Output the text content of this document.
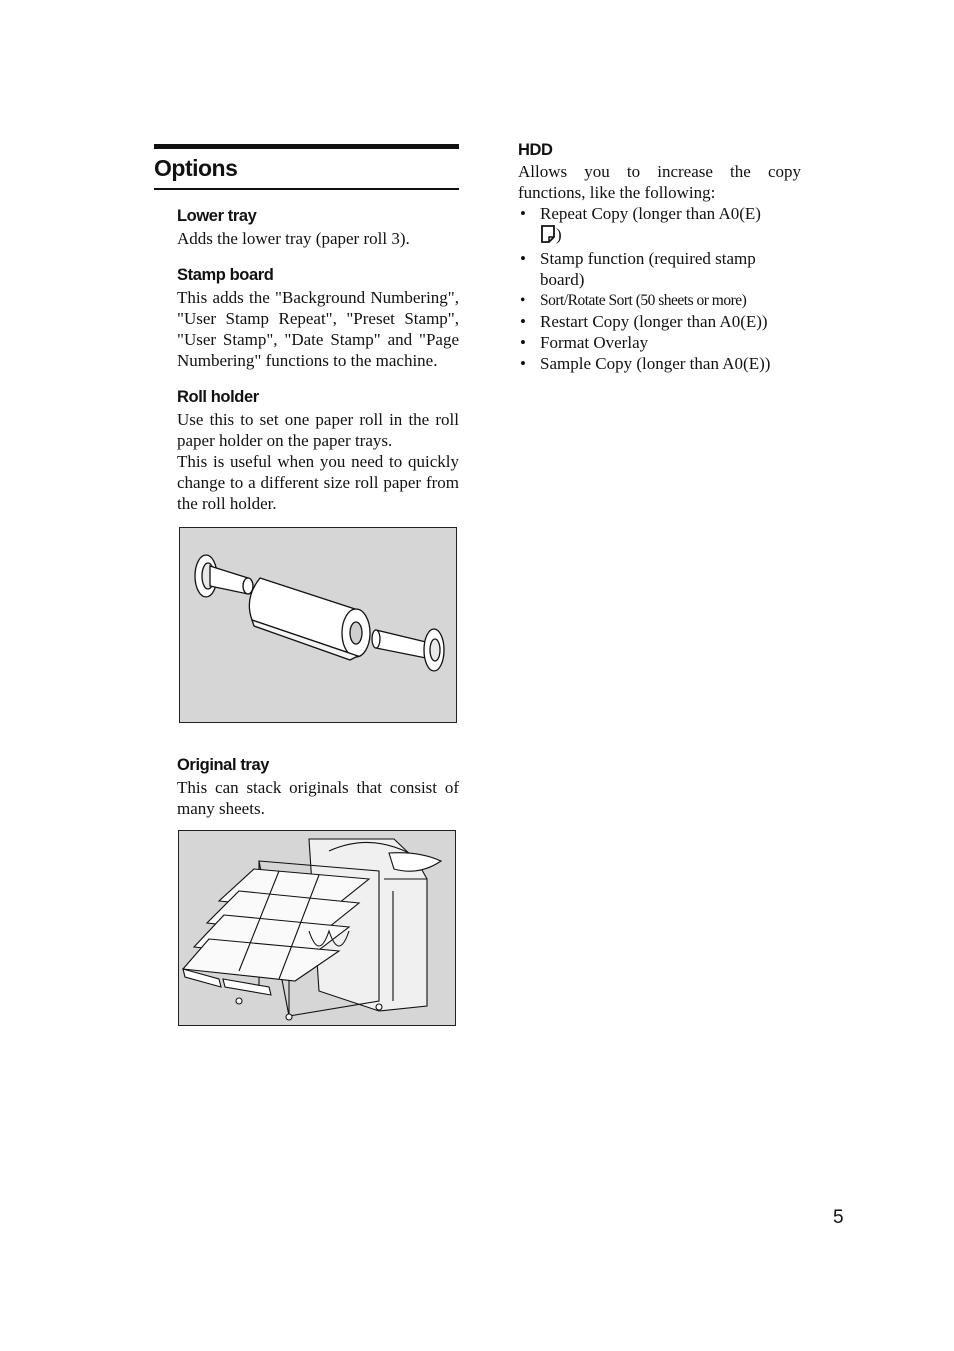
Options

Lower tray

Adds the lower tray (paper roll 3).

Stamp board

This adds the "Background Numbering", "User Stamp Repeat", "Preset Stamp", "User Stamp", "Date Stamp" and "Page Numbering" functions to the machine.

Roll holder

Use this to set one paper roll in the roll paper holder on the paper trays.

This is useful when you need to quickly change to a different size roll paper from the roll holder.

Original tray

This can stack originals that consist of many sheets.

HDD

Allows you to increase the copy functions, like the following:

• Repeat Copy (longer than A0(E)
)
• Stamp function (required stamp board)
• Sort/Rotate Sort (50 sheets or more)
• Restart Copy (longer than A0(E))
• Format Overlay
• Sample Copy (longer than A0(E))
5
